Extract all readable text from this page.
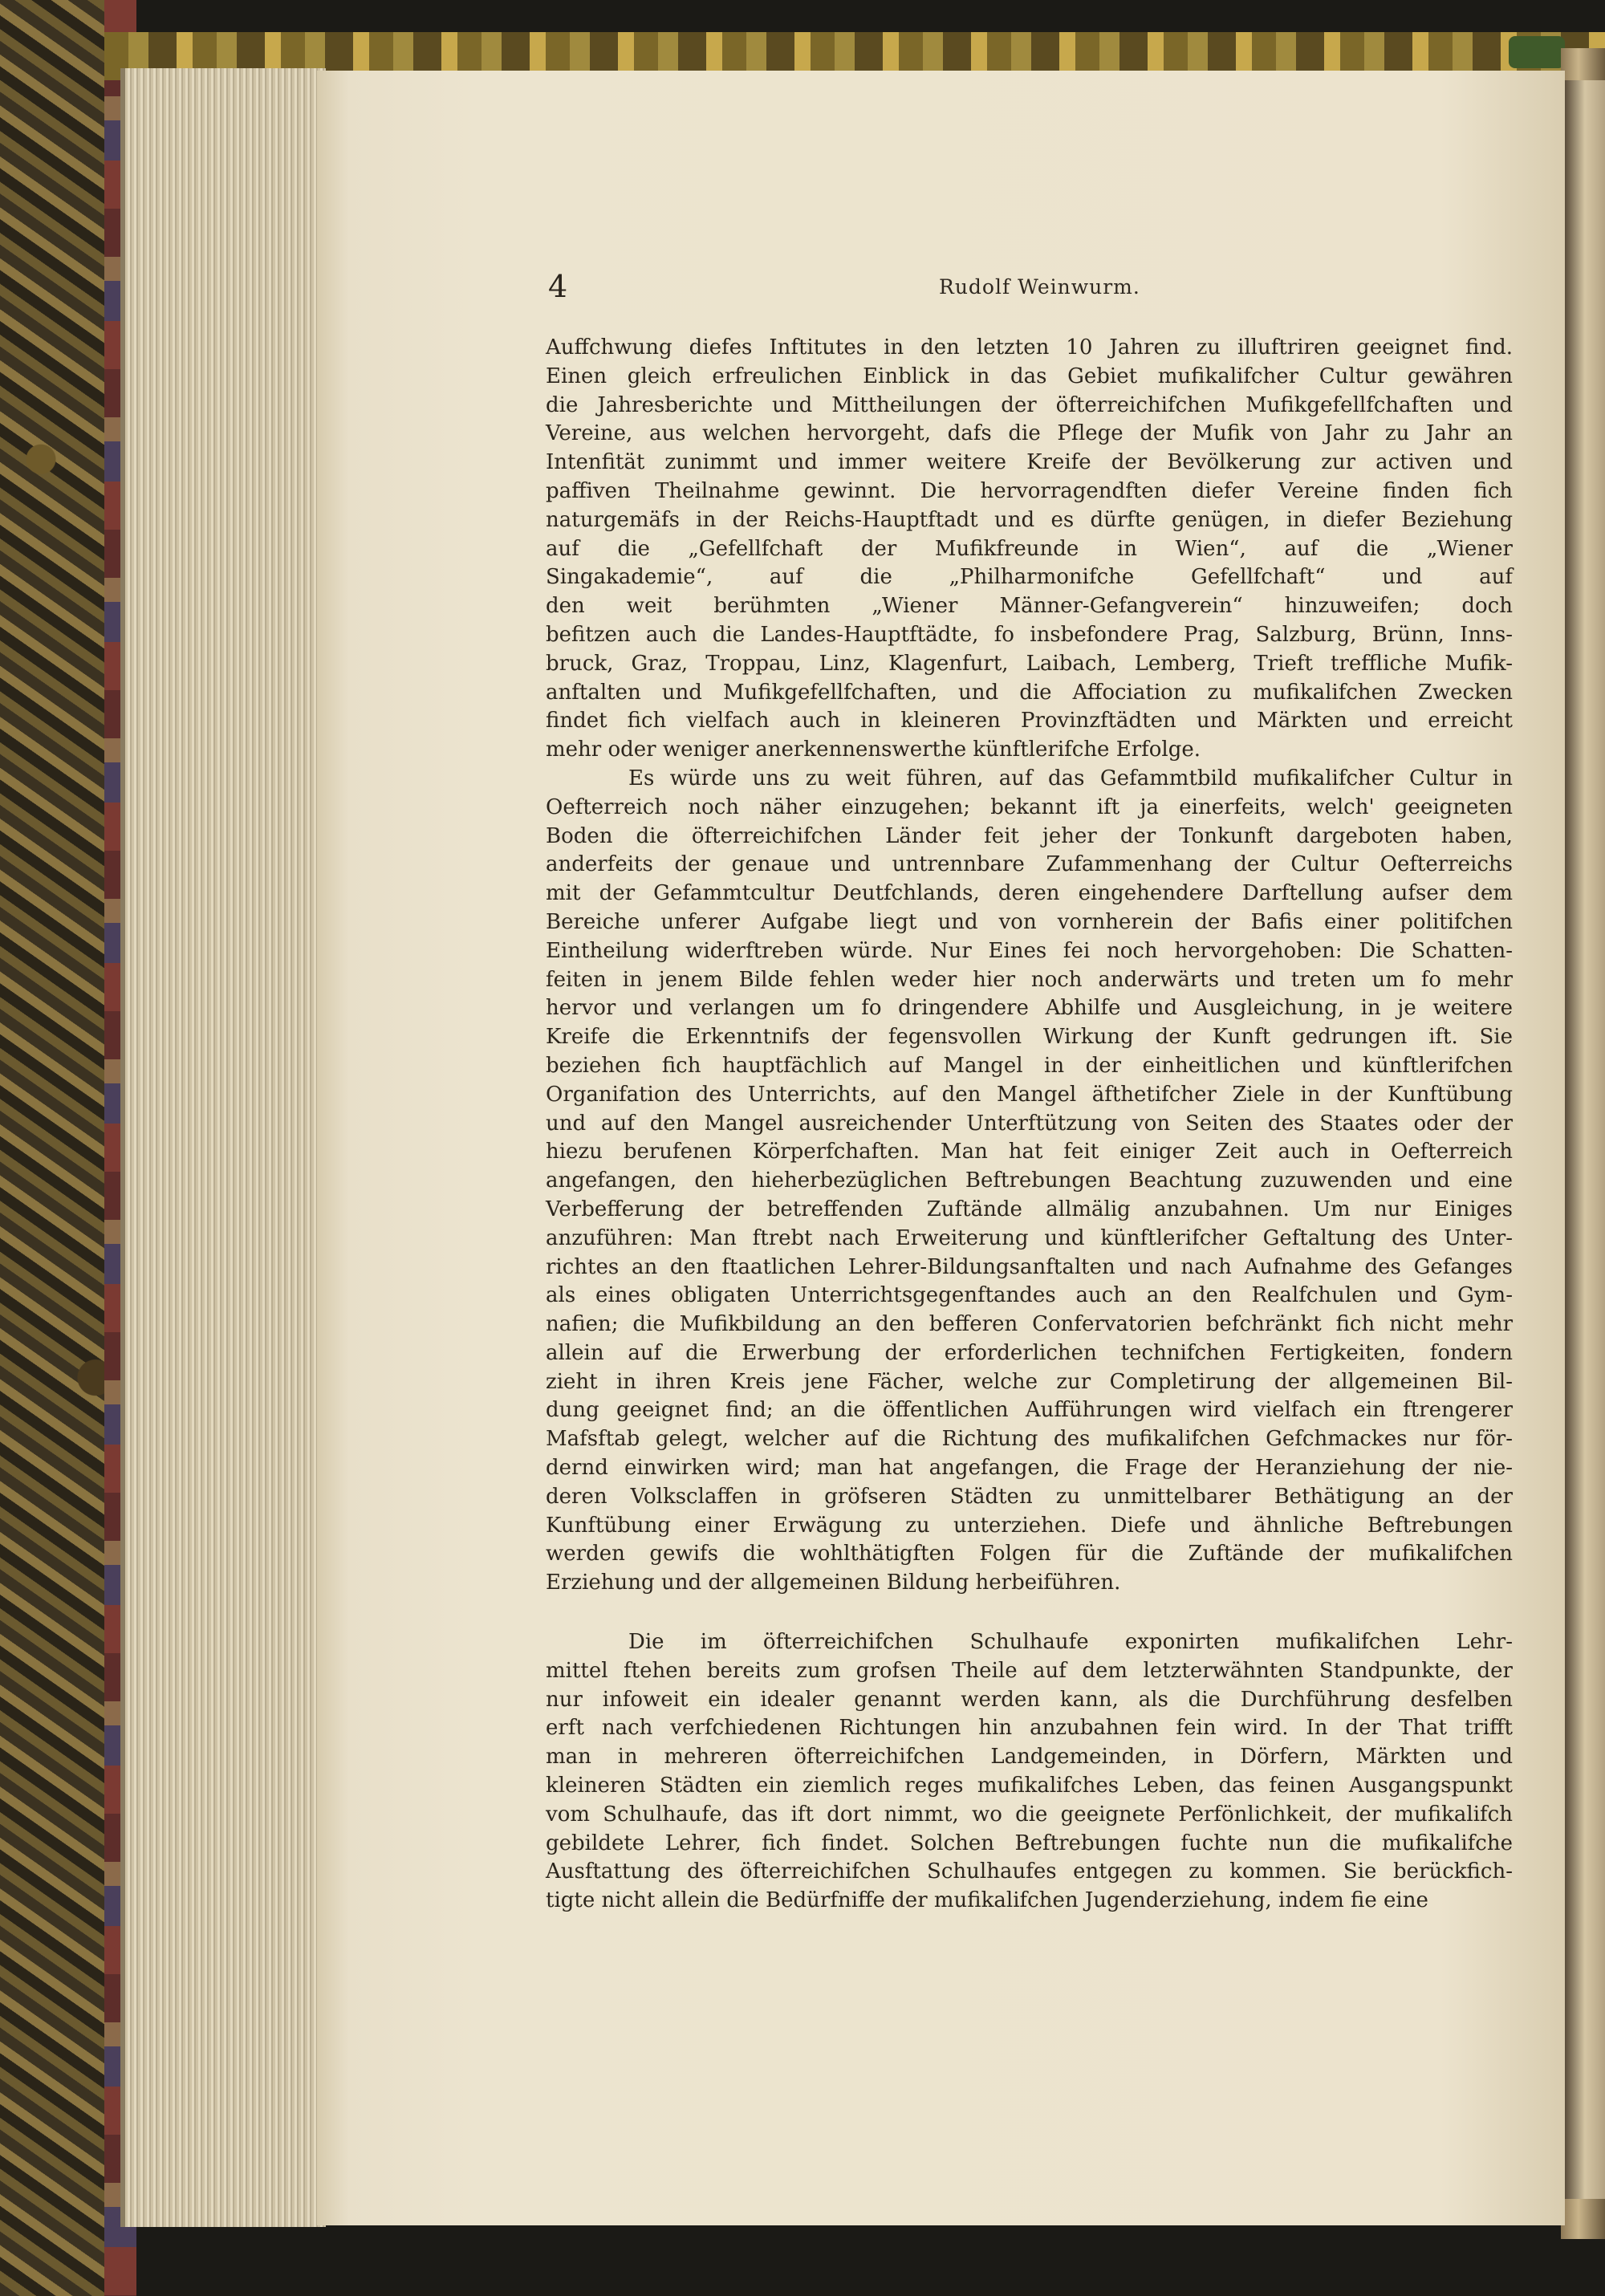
4	Rudolf Weinwurm.
Auffchwung diefes Inftitutes in den letzten 10 Jahren zu illuftriren geeignet find.
Einen gleich erfreulichen Einblick in das Gebiet mufikalifcher Cultur gewähren
die Jahresberichte und Mittheilungen der öfterreichifchen Mufikgefellfchaften und
Vereine, aus welchen hervorgeht, dafs die Pflege der Mufik von Jahr zu Jahr an
Intenfität zunimmt und immer weitere Kreife der Bevölkerung zur activen und
paffiven Theilnahme gewinnt. Die hervorragendften diefer Vereine finden fich
naturgemäfs in der Reichs-Hauptftadt und es dürfte genügen, in diefer Beziehung
auf die „Gefellfchaft der Mufikfreunde in Wien“, auf die „Wiener
Singakademie“, auf die „Philharmonifche Gefellfchaft“ und auf
den weit berühmten „Wiener Männer-Gefangverein“ hinzuweifen; doch
befitzen auch die Landes-Hauptftädte, fo insbefondere Prag, Salzburg, Brünn, Inns-
bruck, Graz, Troppau, Linz, Klagenfurt, Laibach, Lemberg, Trieft treffliche Mufik-
anftalten und Mufikgefellfchaften, und die Affociation zu mufikalifchen Zwecken
findet fich vielfach auch in kleineren Provinzftädten und Märkten und erreicht
mehr oder weniger anerkennenswerthe künftlerifche Erfolge.
Es würde uns zu weit führen, auf das Gefammtbild mufikalifcher Cultur in
Oefterreich noch näher einzugehen; bekannt ift ja einerfeits, welch' geeigneten
Boden die öfterreichifchen Länder feit jeher der Tonkunft dargeboten haben,
anderfeits der genaue und untrennbare Zufammenhang der Cultur Oefterreichs
mit der Gefammtcultur Deutfchlands, deren eingehendere Darftellung aufser dem
Bereiche unferer Aufgabe liegt und von vornherein der Bafis einer politifchen
Eintheilung widerftreben würde. Nur Eines fei noch hervorgehoben: Die Schatten-
feiten in jenem Bilde fehlen weder hier noch anderwärts und treten um fo mehr
hervor und verlangen um fo dringendere Abhilfe und Ausgleichung, in je weitere
Kreife die Erkenntnifs der fegensvollen Wirkung der Kunft gedrungen ift. Sie
beziehen fich hauptfächlich auf Mangel in der einheitlichen und künftlerifchen
Organifation des Unterrichts, auf den Mangel äfthetifcher Ziele in der Kunftübung
und auf den Mangel ausreichender Unterftützung von Seiten des Staates oder der
hiezu berufenen Körperfchaften. Man hat feit einiger Zeit auch in Oefterreich
angefangen, den hieherbezüglichen Beftrebungen Beachtung zuzuwenden und eine
Verbefferung der betreffenden Zuftände allmälig anzubahnen. Um nur Einiges
anzuführen: Man ftrebt nach Erweiterung und künftlerifcher Geftaltung des Unter-
richtes an den ftaatlichen Lehrer-Bildungsanftalten und nach Aufnahme des Gefanges
als eines obligaten Unterrichtsgegenftandes auch an den Realfchulen und Gym-
nafien; die Mufikbildung an den befferen Confervatorien befchränkt fich nicht mehr
allein auf die Erwerbung der erforderlichen technifchen Fertigkeiten, fondern
zieht in ihren Kreis jene Fächer, welche zur Completirung der allgemeinen Bil-
dung geeignet find; an die öffentlichen Aufführungen wird vielfach ein ftrengerer
Mafsftab gelegt, welcher auf die Richtung des mufikalifchen Gefchmackes nur för-
dernd einwirken wird; man hat angefangen, die Frage der Heranziehung der nie-
deren Volksclaffen in gröfseren Städten zu unmittelbarer Bethätigung an der
Kunftübung einer Erwägung zu unterziehen. Diefe und ähnliche Beftrebungen
werden gewifs die wohlthätigften Folgen für die Zuftände der mufikalifchen
Erziehung und der allgemeinen Bildung herbeiführen.
Die im öfterreichifchen Schulhaufe exponirten mufikalifchen Lehr-
mittel ftehen bereits zum grofsen Theile auf dem letzterwähnten Standpunkte, der
nur infoweit ein idealer genannt werden kann, als die Durchführung desfelben
erft nach verfchiedenen Richtungen hin anzubahnen fein wird. In der That trifft
man in mehreren öfterreichifchen Landgemeinden, in Dörfern, Märkten und
kleineren Städten ein ziemlich reges mufikalifches Leben, das feinen Ausgangspunkt
vom Schulhaufe, das ift dort nimmt, wo die geeignete Perfönlichkeit, der mufikalifch
gebildete Lehrer, fich findet. Solchen Beftrebungen fuchte nun die mufikalifche
Ausftattung des öfterreichifchen Schulhaufes entgegen zu kommen. Sie berückfich-
tigte nicht allein die Bedürfniffe der mufikalifchen Jugenderziehung, indem fie eine
